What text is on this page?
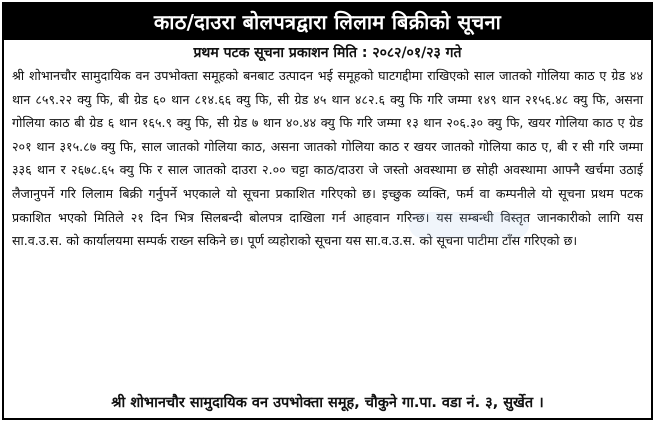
काठ/दाउरा बोलपत्रद्वारा लिलाम बिक्रीको सूचना
प्रथम पटक सूचना प्रकाशन मिति : २०८२/०१/२३ गते

श्री शोभानचौर सामुदायिक वन उपभोक्ता समूहको बनबाट उत्पादन भई समूहको घाटगद्दीमा राखिएको साल जातको गोलिया काठ ए ग्रेड ४४ थान ८५९.२२ क्यु फि, बी ग्रेड ६० थान ८१४.६६ क्यु फि, सी ग्रेड ४५ थान ४८२.६ क्यु फि गरि जम्मा १४९ थान २१५६.४८ क्यु फि, असना गोलिया काठ बी ग्रेड ६ थान १६५.९ क्यु फि, सी ग्रेड ७ थान ४०.४४ क्यु फि गरि जम्मा १३ थान २०६.३० क्यु फि, खयर गोलिया काठ ए ग्रेड २०१ थान ३१५.८७ क्यु फि, साल जातको गोलिया काठ, असना जातको गोलिया काठ र खयर जातको गोलिया काठ ए, बी र सी गरि जम्मा ३३६ थान र २६७८.६५ क्यु फि र साल जातको दाउरा २.०० चट्टा काठ/दाउरा जे जस्तो अवस्थामा छ सोही अवस्थामा आफ्नै खर्चमा उठाई लैजानुपर्ने गरि लिलाम बिक्री गर्नुपर्ने भएकाले यो सूचना प्रकाशित गरिएको छ। इच्छुक व्यक्ति, फर्म वा कम्पनीले यो सूचना प्रथम पटक प्रकाशित भएको मितिले २१ दिन भित्र सिलबन्दी बोलपत्र दाखिला गर्न आहवान गरिन्छ। यस सम्बन्धी विस्तृत जानकारीको लागि यस सा.व.उ.स. को कार्यालयमा सम्पर्क राख्न सकिने छ। पूर्ण व्यहोराको सूचना यस सा.व.उ.स. को सूचना पाटीमा टाँस गरिएको छ।

श्री शोभानचौर सामुदायिक वन उपभोक्ता समूह, चौकुने गा.पा. वडा नं. ३, सुर्खेत ।
